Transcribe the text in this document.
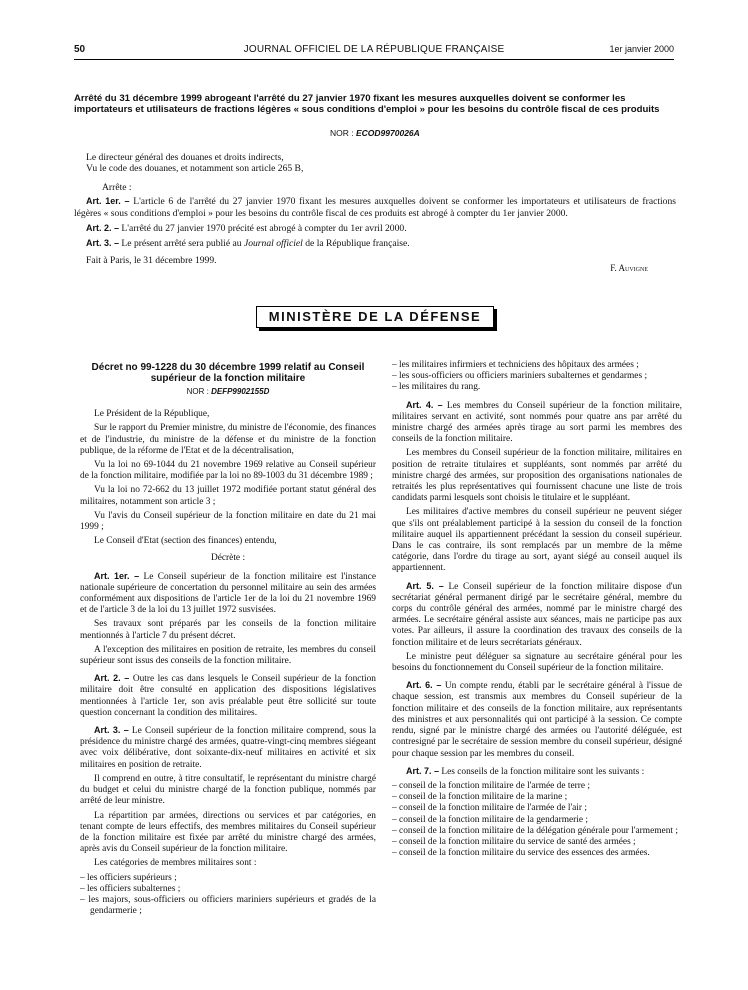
50	JOURNAL OFFICIEL DE LA RÉPUBLIQUE FRANÇAISE	1er janvier 2000
Arrêté du 31 décembre 1999 abrogeant l'arrêté du 27 janvier 1970 fixant les mesures auxquelles doivent se conformer les importateurs et utilisateurs de fractions légères « sous conditions d'emploi » pour les besoins du contrôle fiscal de ces produits
NOR : ECOD9970026A
Le directeur général des douanes et droits indirects,
Vu le code des douanes, et notamment son article 265 B,
Arrête :
Art. 1er. – L'article 6 de l'arrêté du 27 janvier 1970 fixant les mesures auxquelles doivent se conformer les importateurs et utilisateurs de fractions légères « sous conditions d'emploi » pour les besoins du contrôle fiscal de ces produits est abrogé à compter du 1er janvier 2000.
Art. 2. – L'arrêté du 27 janvier 1970 précité est abrogé à compter du 1er avril 2000.
Art. 3. – Le présent arrêté sera publié au Journal officiel de la République française.
Fait à Paris, le 31 décembre 1999.
F. Auvigne
MINISTÈRE DE LA DÉFENSE
Décret no 99-1228 du 30 décembre 1999 relatif au Conseil supérieur de la fonction militaire
NOR : DEFP9902155D

Le Président de la République,

Sur le rapport du Premier ministre, du ministre de l'économie, des finances et de l'industrie, du ministre de la défense et du ministre de la fonction publique, de la réforme de l'Etat et de la décentralisation,

Vu la loi no 69-1044 du 21 novembre 1969 relative au Conseil supérieur de la fonction militaire, modifiée par la loi no 89-1003 du 31 décembre 1989 ;

Vu la loi no 72-662 du 13 juillet 1972 modifiée portant statut général des militaires, notamment son article 3 ;

Vu l'avis du Conseil supérieur de la fonction militaire en date du 21 mai 1999 ;

Le Conseil d'Etat (section des finances) entendu,

Décrète :

Art. 1er. – Le Conseil supérieur de la fonction militaire est l'instance nationale supérieure de concertation du personnel militaire au sein des armées conformément aux dispositions de l'article 1er de la loi du 21 novembre 1969 et de l'article 3 de la loi du 13 juillet 1972 susvisées.

Ses travaux sont préparés par les conseils de la fonction militaire mentionnés à l'article 7 du présent décret.

A l'exception des militaires en position de retraite, les membres du conseil supérieur sont issus des conseils de la fonction militaire.

Art. 2. – Outre les cas dans lesquels le Conseil supérieur de la fonction militaire doit être consulté en application des dispositions législatives mentionnées à l'article 1er, son avis préalable peut être sollicité sur toute question concernant la condition des militaires.

Art. 3. – Le Conseil supérieur de la fonction militaire comprend, sous la présidence du ministre chargé des armées, quatre-vingt-cinq membres siégeant avec voix délibérative, dont soixante-dix-neuf militaires en activité et six militaires en position de retraite.

Il comprend en outre, à titre consultatif, le représentant du ministre chargé du budget et celui du ministre chargé de la fonction publique, nommés par arrêté de leur ministre.

La répartition par armées, directions ou services et par catégories, en tenant compte de leurs effectifs, des membres militaires du Conseil supérieur de la fonction militaire est fixée par arrêté du ministre chargé des armées, après avis du Conseil supérieur de la fonction militaire.

Les catégories de membres militaires sont :

– les officiers supérieurs ;
– les officiers subalternes ;
– les majors, sous-officiers ou officiers mariniers supérieurs et gradés de la gendarmerie ;
– les militaires infirmiers et techniciens des hôpitaux des armées ;
– les sous-officiers ou officiers mariniers subalternes et gendarmes ;
– les militaires du rang.

Art. 4. – Les membres du Conseil supérieur de la fonction militaire, militaires servant en activité, sont nommés pour quatre ans par arrêté du ministre chargé des armées après tirage au sort parmi les membres des conseils de la fonction militaire.

Les membres du Conseil supérieur de la fonction militaire, militaires en position de retraite titulaires et suppléants, sont nommés par arrêté du ministre chargé des armées, sur proposition des organisations nationales de retraités les plus représentatives qui fournissent chacune une liste de trois candidats parmi lesquels sont choisis le titulaire et le suppléant.

Les militaires d'active membres du conseil supérieur ne peuvent siéger que s'ils ont préalablement participé à la session du conseil de la fonction militaire auquel ils appartiennent précédant la session du conseil supérieur. Dans le cas contraire, ils sont remplacés par un membre de la même catégorie, dans l'ordre du tirage au sort, ayant siégé au conseil auquel ils appartiennent.

Art. 5. – Le Conseil supérieur de la fonction militaire dispose d'un secrétariat général permanent dirigé par le secrétaire général, membre du corps du contrôle général des armées, nommé par le ministre chargé des armées. Le secrétaire général assiste aux séances, mais ne participe pas aux votes. Par ailleurs, il assure la coordination des travaux des conseils de la fonction militaire et de leurs secrétariats généraux.

Le ministre peut déléguer sa signature au secrétaire général pour les besoins du fonctionnement du Conseil supérieur de la fonction militaire.

Art. 6. – Un compte rendu, établi par le secrétaire général à l'issue de chaque session, est transmis aux membres du Conseil supérieur de la fonction militaire et des conseils de la fonction militaire, aux représentants des ministres et aux personnalités qui ont participé à la session. Ce compte rendu, signé par le ministre chargé des armées ou l'autorité déléguée, est contresigné par le secrétaire de session membre du conseil supérieur, désigné pour chaque session par les membres du conseil.

Art. 7. – Les conseils de la fonction militaire sont les suivants :

– conseil de la fonction militaire de l'armée de terre ;
– conseil de la fonction militaire de la marine ;
– conseil de la fonction militaire de l'armée de l'air ;
– conseil de la fonction militaire de la gendarmerie ;
– conseil de la fonction militaire de la délégation générale pour l'armement ;
– conseil de la fonction militaire du service de santé des armées ;
– conseil de la fonction militaire du service des essences des armées.
